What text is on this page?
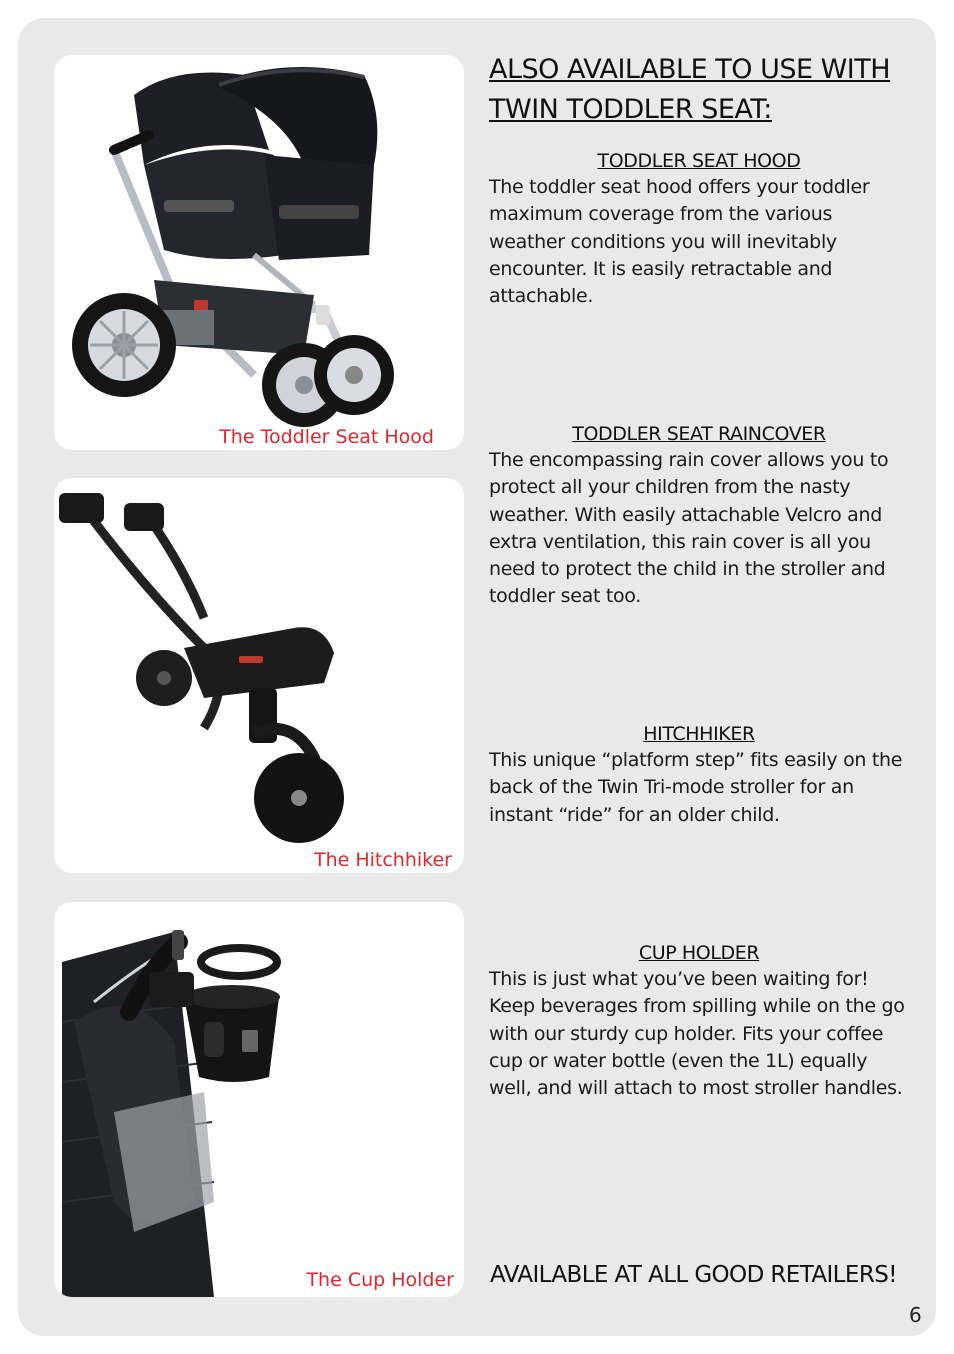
The Toddler Seat Hood
The Hitchhiker
The Cup Holder
ALSO AVAILABLE TO USE WITH TWIN TODDLER SEAT:
TODDLER SEAT HOOD

The toddler seat hood offers your toddler maximum coverage from the various weather conditions you will inevitably encounter. It is easily retractable and attachable.

TODDLER SEAT RAINCOVER

The encompassing rain cover allows you to protect all your children from the nasty weather. With easily attachable Velcro and extra ventilation, this rain cover is all you need to protect the child in the stroller and toddler seat too.

HITCHHIKER

This unique “platform step” fits easily on the back of the Twin Tri-mode stroller for an instant “ride” for an older child.

CUP HOLDER

This is just what you’ve been waiting for! Keep beverages from spilling while on the go with our sturdy cup holder. Fits your coffee cup or water bottle (even the 1L) equally well, and will attach to most stroller handles.

AVAILABLE AT ALL GOOD RETAILERS!
6
